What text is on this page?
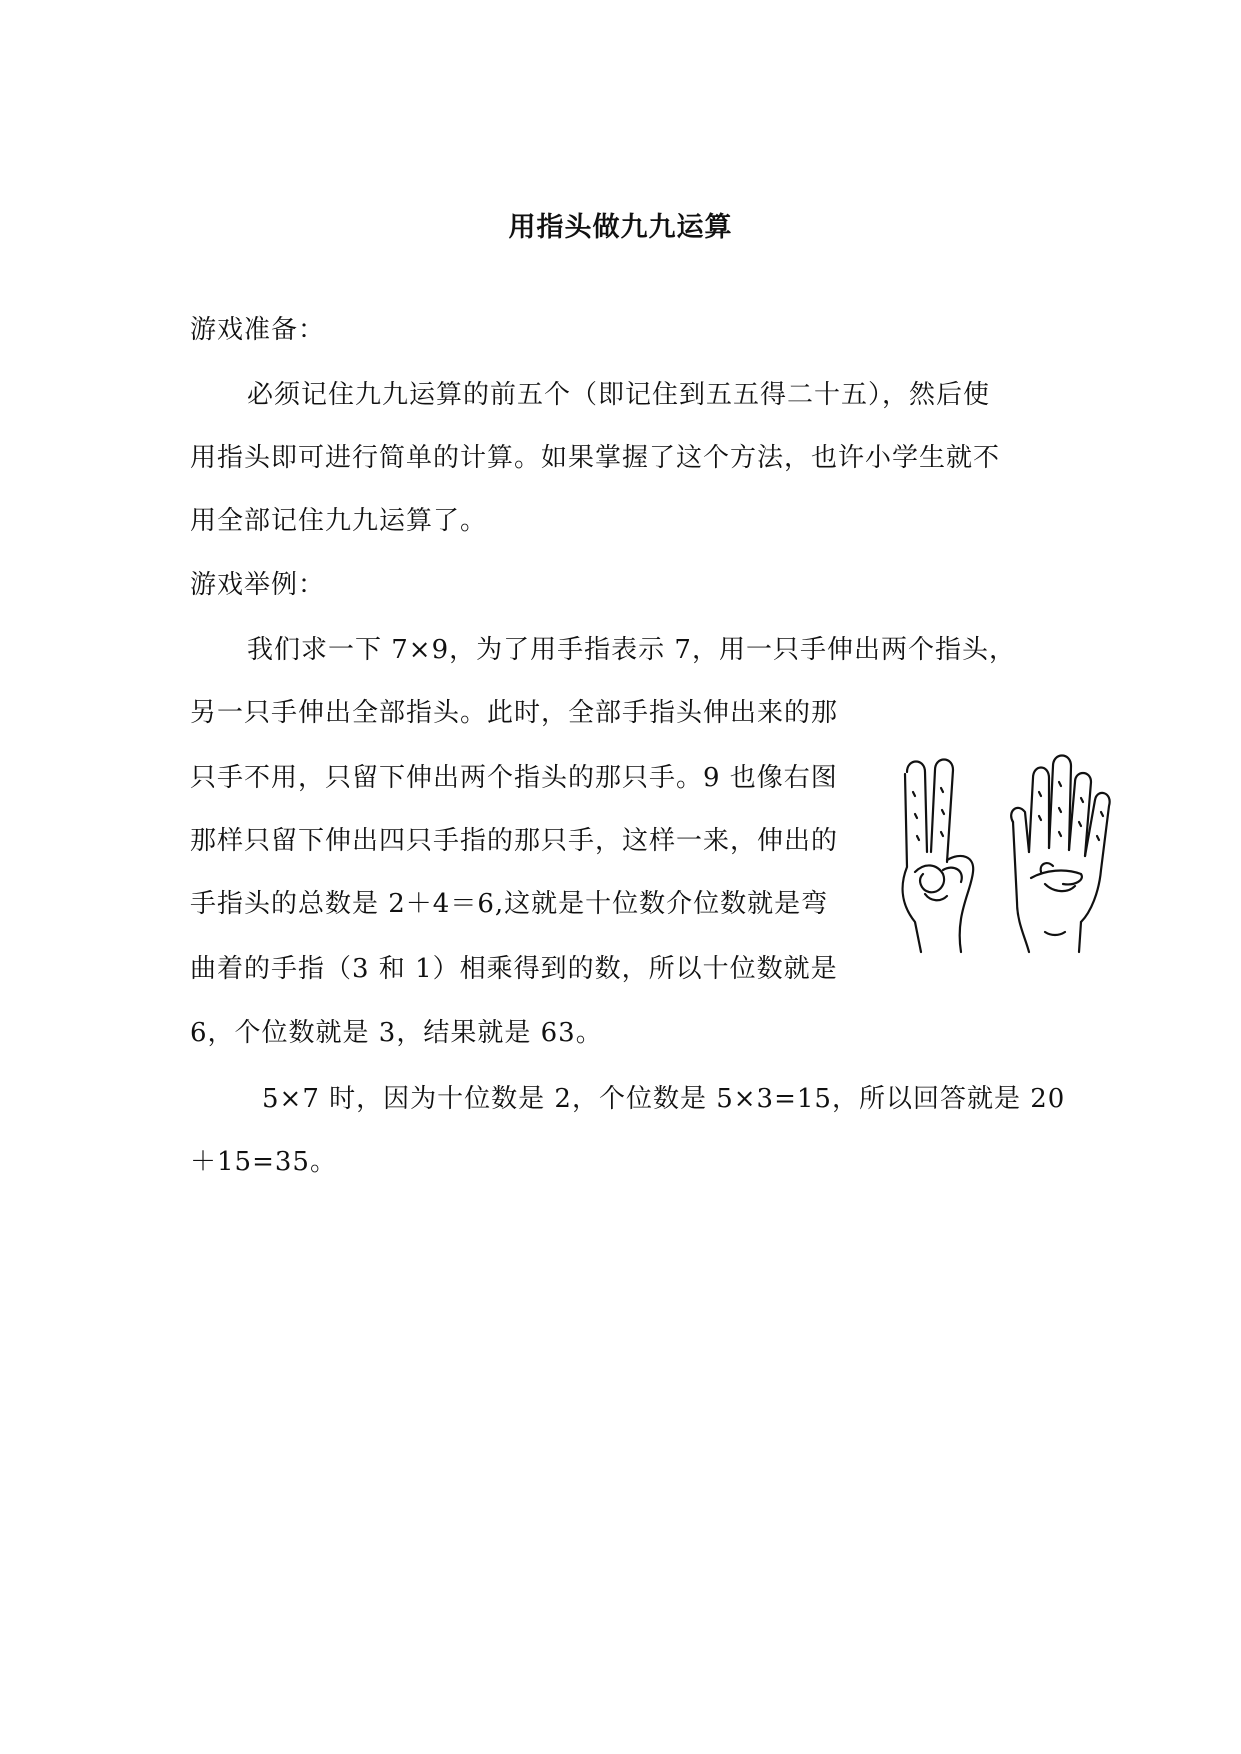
用指头做九九运算
游戏准备：
必须记住九九运算的前五个（即记住到五五得二十五），然后使
用指头即可进行简单的计算。如果掌握了这个方法，也许小学生就不
用全部记住九九运算了。
游戏举例：
我们求一下 7×9，为了用手指表示 7，用一只手伸出两个指头，
另一只手伸出全部指头。此时，全部手指头伸出来的那
只手不用，只留下伸出两个指头的那只手。9 也像右图
那样只留下伸出四只手指的那只手，这样一来，伸出的
手指头的总数是 2＋4＝6,这就是十位数介位数就是弯
曲着的手指（3 和 1）相乘得到的数，所以十位数就是
6，个位数就是 3，结果就是 63。
5×7 时，因为十位数是 2，个位数是 5×3=15，所以回答就是 20
＋15=35。
